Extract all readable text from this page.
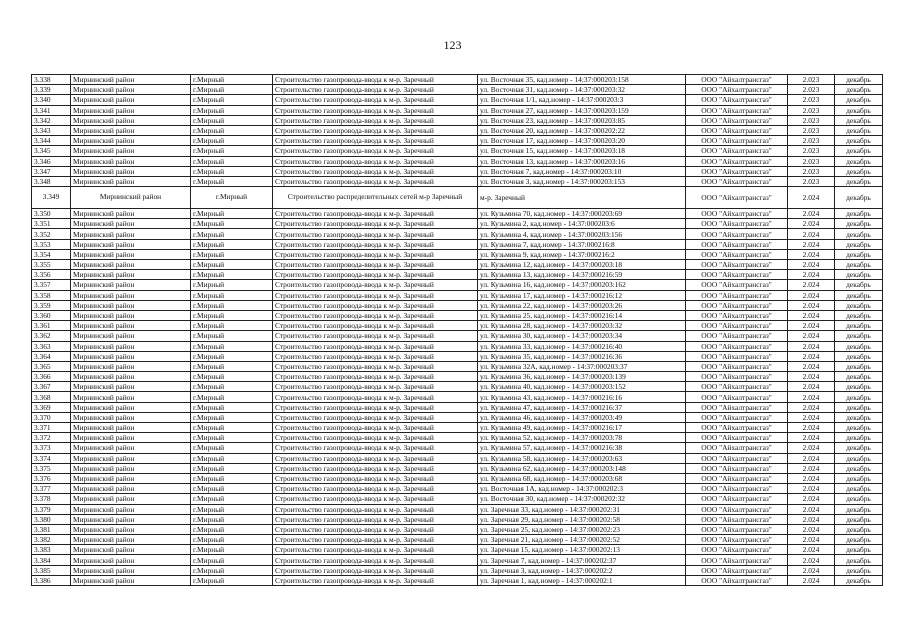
123
3.338	Мирнинский район	г.Мирный	Строительство газопровода-ввода к м-р. Заречный	ул. Восточная 35, кад.номер - 14:37:000203:158	ООО "Айхалтрансгаз"	2.023	декабрь
3.339	Мирнинский район	г.Мирный	Строительство газопровода-ввода к м-р. Заречный	ул. Восточная 31, кад.номер - 14:37:000203:32	ООО "Айхалтрансгаз"	2.023	декабрь
3.340	Мирнинский район	г.Мирный	Строительство газопровода-ввода к м-р. Заречный	ул. Восточная 1/1, кад.номер - 14:37:000203:3	ООО "Айхалтрансгаз"	2.023	декабрь
3.341	Мирнинский район	г.Мирный	Строительство газопровода-ввода к м-р. Заречный	ул. Восточная 27, кад.номер - 14:37:000203:159	ООО "Айхалтрансгаз"	2.023	декабрь
3.342	Мирнинский район	г.Мирный	Строительство газопровода-ввода к м-р. Заречный	ул. Восточная 23, кад.номер - 14:37:000203:85	ООО "Айхалтрансгаз"	2.023	декабрь
3.343	Мирнинский район	г.Мирный	Строительство газопровода-ввода к м-р. Заречный	ул. Восточная 20, кад.номер - 14:37:000202:22	ООО "Айхалтрансгаз"	2.023	декабрь
3.344	Мирнинский район	г.Мирный	Строительство газопровода-ввода к м-р. Заречный	ул. Восточная 17, кад.номер - 14:37:000203:20	ООО "Айхалтрансгаз"	2.023	декабрь
3.345	Мирнинский район	г.Мирный	Строительство газопровода-ввода к м-р. Заречный	ул. Восточная 15, кад.номер - 14:37:000203:18	ООО "Айхалтрансгаз"	2.023	декабрь
3.346	Мирнинский район	г.Мирный	Строительство газопровода-ввода к м-р. Заречный	ул. Восточная 13, кад.номер - 14:37:000203:16	ООО "Айхалтрансгаз"	2.023	декабрь
3.347	Мирнинский район	г.Мирный	Строительство газопровода-ввода к м-р. Заречный	ул. Восточная 7, кад.номер - 14:37:000203:10	ООО "Айхалтрансгаз"	2.023	декабрь
3.348	Мирнинский район	г.Мирный	Строительство газопровода-ввода к м-р. Заречный	ул. Восточная 3, кад.номер - 14:37:000203:153	ООО "Айхалтрансгаз"	2.023	декабрь
3.349	Мирнинский район	г.Мирный	Строительство распределительных сетей м-р Заречный	м-р. Заречный	ООО "Айхалтрансгаз"	2.024	декабрь
3.350	Мирнинский район	г.Мирный	Строительство газопровода-ввода к м-р. Заречный	ул. Кузьмина 70, кад.номер - 14:37:000203:69	ООО "Айхалтрансгаз"	2.024	декабрь
3.351	Мирнинский район	г.Мирный	Строительство газопровода-ввода к м-р. Заречный	ул. Кузьмина 2, кад.номер - 14:37:000203:6	ООО "Айхалтрансгаз"	2.024	декабрь
3.352	Мирнинский район	г.Мирный	Строительство газопровода-ввода к м-р. Заречный	ул. Кузьмина 4, кад.номер - 14:37:000203:156	ООО "Айхалтрансгаз"	2.024	декабрь
3.353	Мирнинский район	г.Мирный	Строительство газопровода-ввода к м-р. Заречный	ул. Кузьмина 7, кад.номер - 14:37:000216:8	ООО "Айхалтрансгаз"	2.024	декабрь
3.354	Мирнинский район	г.Мирный	Строительство газопровода-ввода к м-р. Заречный	ул. Кузьмина 9, кад.номер - 14:37:000216:2	ООО "Айхалтрансгаз"	2.024	декабрь
3.355	Мирнинский район	г.Мирный	Строительство газопровода-ввода к м-р. Заречный	ул. Кузьмина 12, кад.номер - 14:37:000203:18	ООО "Айхалтрансгаз"	2.024	декабрь
3.356	Мирнинский район	г.Мирный	Строительство газопровода-ввода к м-р. Заречный	ул. Кузьмина 13, кад.номер - 14:37:000216:59	ООО "Айхалтрансгаз"	2.024	декабрь
3.357	Мирнинский район	г.Мирный	Строительство газопровода-ввода к м-р. Заречный	ул. Кузьмина 16, кад.номер - 14:37:000203:162	ООО "Айхалтрансгаз"	2.024	декабрь
3.358	Мирнинский район	г.Мирный	Строительство газопровода-ввода к м-р. Заречный	ул. Кузьмина 17, кад.номер - 14:37:000216:12	ООО "Айхалтрансгаз"	2.024	декабрь
3.359	Мирнинский район	г.Мирный	Строительство газопровода-ввода к м-р. Заречный	ул. Кузьмина 22, кад.номер - 14:37:000203:26	ООО "Айхалтрансгаз"	2.024	декабрь
3.360	Мирнинский район	г.Мирный	Строительство газопровода-ввода к м-р. Заречный	ул. Кузьмина 25, кад.номер - 14:37:000216:14	ООО "Айхалтрансгаз"	2.024	декабрь
3.361	Мирнинский район	г.Мирный	Строительство газопровода-ввода к м-р. Заречный	ул. Кузьмина 28, кад.номер - 14:37:000203:32	ООО "Айхалтрансгаз"	2.024	декабрь
3.362	Мирнинский район	г.Мирный	Строительство газопровода-ввода к м-р. Заречный	ул. Кузьмина 30, кад.номер - 14:37:000203:34	ООО "Айхалтрансгаз"	2.024	декабрь
3.363	Мирнинский район	г.Мирный	Строительство газопровода-ввода к м-р. Заречный	ул. Кузьмина 33, кад.номер - 14:37:000216:40	ООО "Айхалтрансгаз"	2.024	декабрь
3.364	Мирнинский район	г.Мирный	Строительство газопровода-ввода к м-р. Заречный	ул. Кузьмина 35, кад.номер - 14:37:000216:36	ООО "Айхалтрансгаз"	2.024	декабрь
3.365	Мирнинский район	г.Мирный	Строительство газопровода-ввода к м-р. Заречный	ул. Кузьмина 32А, кад.номер - 14:37:000203:37	ООО "Айхалтрансгаз"	2.024	декабрь
3.366	Мирнинский район	г.Мирный	Строительство газопровода-ввода к м-р. Заречный	ул. Кузьмина 36, кад.номер - 14:37:000203:139	ООО "Айхалтрансгаз"	2.024	декабрь
3.367	Мирнинский район	г.Мирный	Строительство газопровода-ввода к м-р. Заречный	ул. Кузьмина 40, кад.номер - 14:37:000203:152	ООО "Айхалтрансгаз"	2.024	декабрь
3.368	Мирнинский район	г.Мирный	Строительство газопровода-ввода к м-р. Заречный	ул. Кузьмина 43, кад.номер - 14:37:000216:16	ООО "Айхалтрансгаз"	2.024	декабрь
3.369	Мирнинский район	г.Мирный	Строительство газопровода-ввода к м-р. Заречный	ул. Кузьмина 47, кад.номер - 14:37:000216:37	ООО "Айхалтрансгаз"	2.024	декабрь
3.370	Мирнинский район	г.Мирный	Строительство газопровода-ввода к м-р. Заречный	ул. Кузьмина 46, кад.номер - 14:37:000203:49	ООО "Айхалтрансгаз"	2.024	декабрь
3.371	Мирнинский район	г.Мирный	Строительство газопровода-ввода к м-р. Заречный	ул. Кузьмина 49, кад.номер - 14:37:000216:17	ООО "Айхалтрансгаз"	2.024	декабрь
3.372	Мирнинский район	г.Мирный	Строительство газопровода-ввода к м-р. Заречный	ул. Кузьмина 52, кад.номер - 14:37:000203:78	ООО "Айхалтрансгаз"	2.024	декабрь
3.373	Мирнинский район	г.Мирный	Строительство газопровода-ввода к м-р. Заречный	ул. Кузьмина 57, кад.номер - 14:37:000216:38	ООО "Айхалтрансгаз"	2.024	декабрь
3.374	Мирнинский район	г.Мирный	Строительство газопровода-ввода к м-р. Заречный	ул. Кузьмина 58, кад.номер - 14:37:000203:63	ООО "Айхалтрансгаз"	2.024	декабрь
3.375	Мирнинский район	г.Мирный	Строительство газопровода-ввода к м-р. Заречный	ул. Кузьмина 62, кад.номер - 14:37:000203:148	ООО "Айхалтрансгаз"	2.024	декабрь
3.376	Мирнинский район	г.Мирный	Строительство газопровода-ввода к м-р. Заречный	ул. Кузьмина 68, кад.номер - 14:37:000203:68	ООО "Айхалтрансгаз"	2.024	декабрь
3.377	Мирнинский район	г.Мирный	Строительство газопровода-ввода к м-р. Заречный	ул. Восточная 1А, кад.номер - 14:37:000202:3	ООО "Айхалтрансгаз"	2.024	декабрь
3.378	Мирнинский район	г.Мирный	Строительство газопровода-ввода к м-р. Заречный	ул. Восточная 30, кад.номер - 14:37:000202:32	ООО "Айхалтрансгаз"	2.024	декабрь
3.379	Мирнинский район	г.Мирный	Строительство газопровода-ввода к м-р. Заречный	ул. Заречная 33, кад.номер - 14:37:000202:31	ООО "Айхалтрансгаз"	2.024	декабрь
3.380	Мирнинский район	г.Мирный	Строительство газопровода-ввода к м-р. Заречный	ул. Заречная 29, кад.номер - 14:37:000202:58	ООО "Айхалтрансгаз"	2.024	декабрь
3.381	Мирнинский район	г.Мирный	Строительство газопровода-ввода к м-р. Заречный	ул. Заречная 25, кад.номер - 14:37:000202:23	ООО "Айхалтрансгаз"	2.024	декабрь
3.382	Мирнинский район	г.Мирный	Строительство газопровода-ввода к м-р. Заречный	ул. Заречная 21, кад.номер - 14:37:000202:52	ООО "Айхалтрансгаз"	2.024	декабрь
3.383	Мирнинский район	г.Мирный	Строительство газопровода-ввода к м-р. Заречный	ул. Заречная 15, кад.номер - 14:37:000202:13	ООО "Айхалтрансгаз"	2.024	декабрь
3.384	Мирнинский район	г.Мирный	Строительство газопровода-ввода к м-р. Заречный	ул. Заречная 7, кад.номер - 14:37:000202:37	ООО "Айхалтрансгаз"	2.024	декабрь
3.385	Мирнинский район	г.Мирный	Строительство газопровода-ввода к м-р. Заречный	ул. Заречная 3, кад.номер - 14:37:000202:2	ООО "Айхалтрансгаз"	2.024	декабрь
3.386	Мирнинский район	г.Мирный	Строительство газопровода-ввода к м-р. Заречный	ул. Заречная 1, кад.номер - 14:37:000202:1	ООО "Айхалтрансгаз"	2.024	декабрь
